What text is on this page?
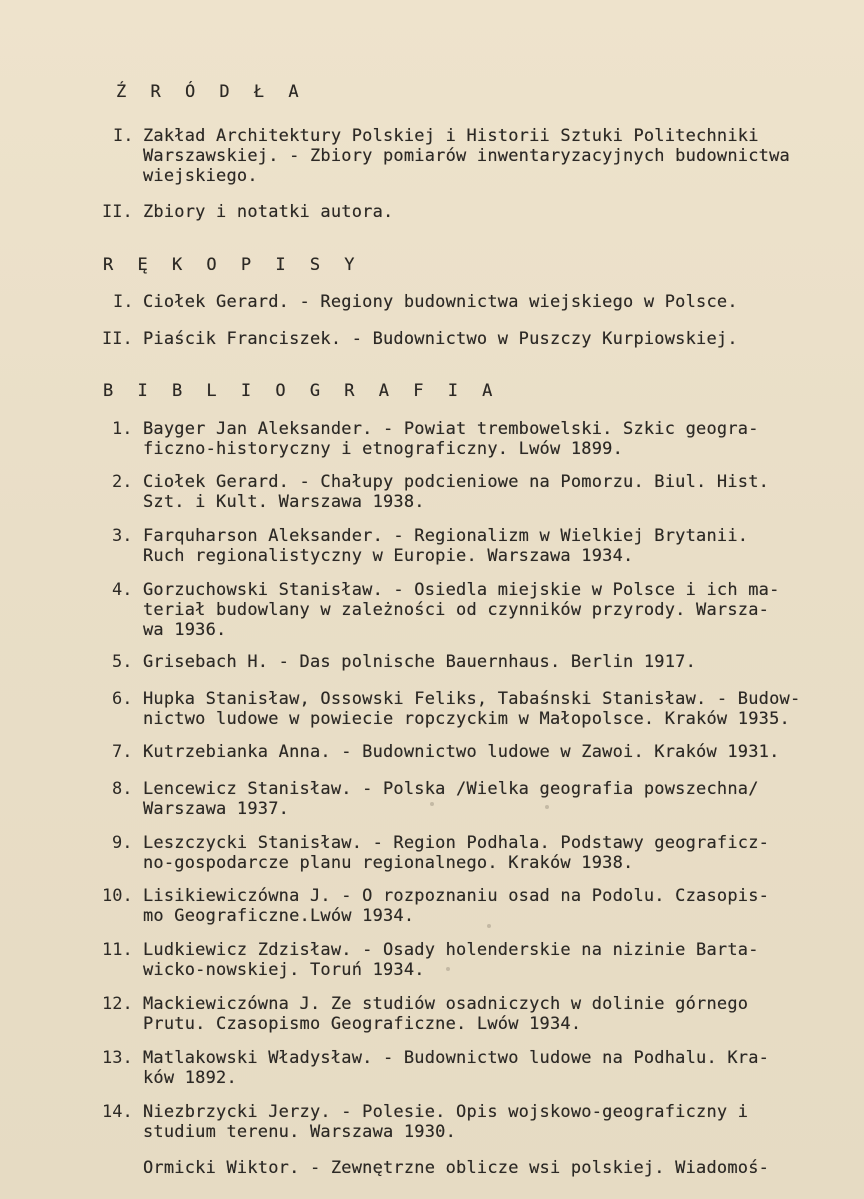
Ź R Ó D Ł A
I. Zakład Architektury Polskiej i Historii Sztuki Politechniki
Warszawskiej. - Zbiory pomiarów inwentaryzacyjnych budownictwa
wiejskiego.
II. Zbiory i notatki autora.
R Ę K O P I S Y
I. Ciołek Gerard. - Regiony budownictwa wiejskiego w Polsce.
II. Piaścik Franciszek. - Budownictwo w Puszczy Kurpiowskiej.
B I B L I O G R A F I A
1. Bayger Jan Aleksander. - Powiat trembowelski. Szkic geogra-
ficzno-historyczny i etnograficzny. Lwów 1899.
2. Ciołek Gerard. - Chałupy podcieniowe na Pomorzu. Biul. Hist.
Szt. i Kult. Warszawa 1938.
3. Farquharson Aleksander. - Regionalizm w Wielkiej Brytanii.
Ruch regionalistyczny w Europie. Warszawa 1934.
4. Gorzuchowski Stanisław. - Osiedla miejskie w Polsce i ich ma-
teriał budowlany w zależności od czynników przyrody. Warsza-
wa 1936.
5. Grisebach H. - Das polnische Bauernhaus. Berlin 1917.
6. Hupka Stanisław, Ossowski Feliks, Tabaśnski Stanisław. - Budow-
nictwo ludowe w powiecie ropczyckim w Małopolsce. Kraków 1935.
7. Kutrzebianka Anna. - Budownictwo ludowe w Zawoi. Kraków 1931.
8. Lencewicz Stanisław. - Polska /Wielka geografia powszechna/
Warszawa 1937.
9. Leszczycki Stanisław. - Region Podhala. Podstawy geograficz-
no-gospodarcze planu regionalnego. Kraków 1938.
10. Lisikiewiczówna J. - O rozpoznaniu osad na Podolu. Czasopis-
mo Geograficzne.Lwów 1934.
11. Ludkiewicz Zdzisław. - Osady holenderskie na nizinie Barta-
wicko-nowskiej. Toruń 1934.
12. Mackiewiczówna J. Ze studiów osadniczych w dolinie górnego
Prutu. Czasopismo Geograficzne. Lwów 1934.
13. Matlakowski Władysław. - Budownictwo ludowe na Podhalu. Kra-
ków 1892.
14. Niezbrzycki Jerzy. - Polesie. Opis wojskowo-geograficzny i
studium terenu. Warszawa 1930.
Ormicki Wiktor. - Zewnętrzne oblicze wsi polskiej. Wiadomoś-
